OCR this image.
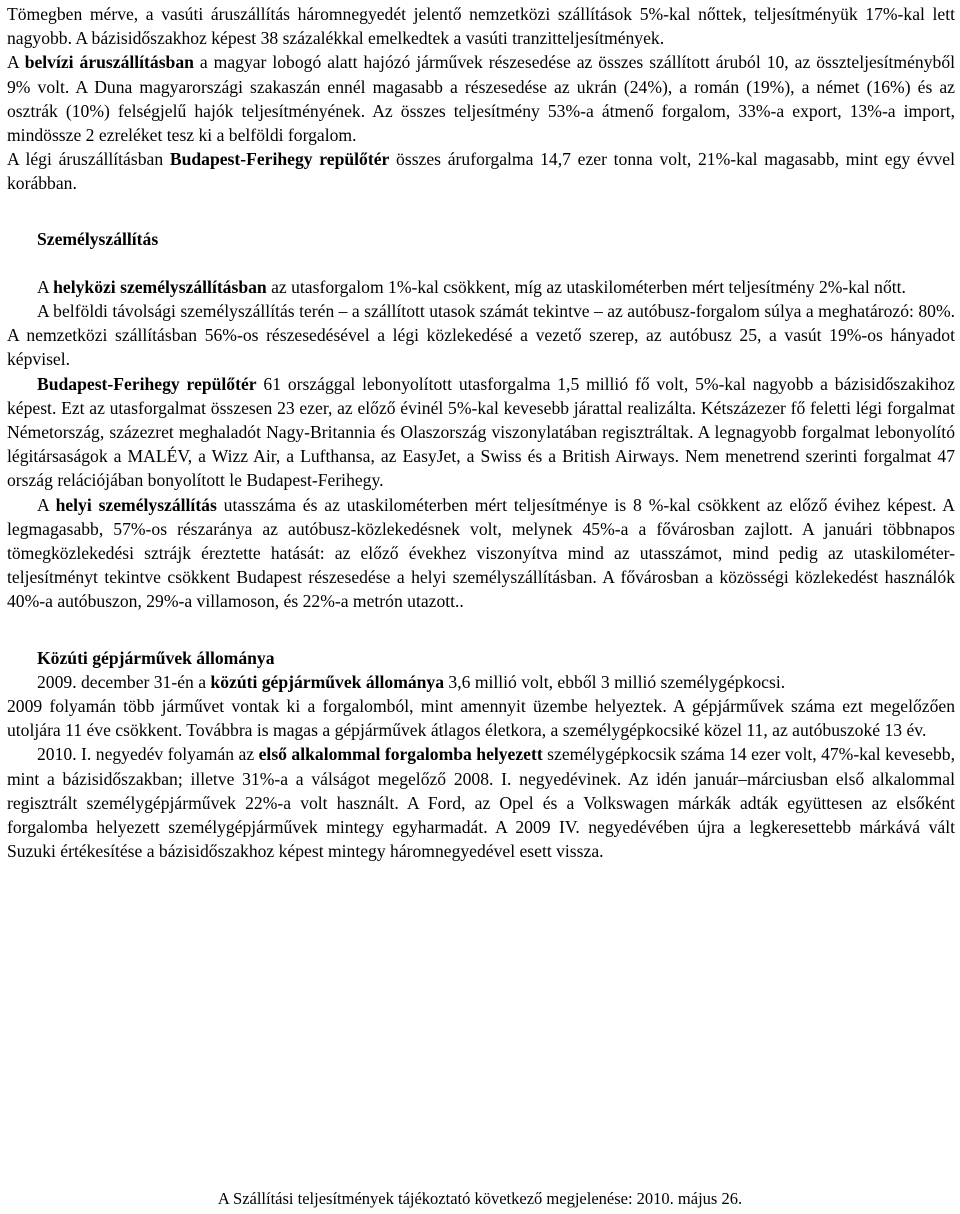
Tömegben mérve, a vasúti áruszállítás háromnegyedét jelentő nemzetközi szállítások 5%-kal nőttek, teljesítményük 17%-kal lett nagyobb. A bázisidőszakhoz képest 38 százalékkal emelkedtek a vasúti tranzitteljesítmények.

A belvízi áruszállításban a magyar lobogó alatt hajózó járművek részesedése az összes szállított áruból 10, az összteljesítményből 9% volt. A Duna magyarországi szakaszán ennél magasabb a részesedése az ukrán (24%), a román (19%), a német (16%) és az osztrák (10%) felségjelű hajók teljesítményének. Az összes teljesítmény 53%-a átmenő forgalom, 33%-a export, 13%-a import, mindössze 2 ezreléket tesz ki a belföldi forgalom.

A légi áruszállításban Budapest-Ferihegy repülőtér összes áruforgalma 14,7 ezer tonna volt, 21%-kal magasabb, mint egy évvel korábban.

Személyszállítás

A helyközi személyszállításban az utasforgalom 1%-kal csökkent, míg az utaskilométerben mért teljesítmény 2%-kal nőtt.

A belföldi távolsági személyszállítás terén – a szállított utasok számát tekintve – az autóbusz-forgalom súlya a meghatározó: 80%. A nemzetközi szállításban 56%-os részesedésével a légi közlekedésé a vezető szerep, az autóbusz 25, a vasút 19%-os hányadot képvisel.

Budapest-Ferihegy repülőtér 61 országgal lebonyolított utasforgalma 1,5 millió fő volt, 5%-kal nagyobb a bázisidőszakihoz képest. Ezt az utasforgalmat összesen 23 ezer, az előző évinél 5%-kal kevesebb járattal realizálta. Kétszázezer fő feletti légi forgalmat Németország, százezret meghaladót Nagy-Britannia és Olaszország viszonylatában regisztráltak. A legnagyobb forgalmat lebonyolító légitársaságok a MALÉV, a Wizz Air, a Lufthansa, az EasyJet, a Swiss és a British Airways. Nem menetrend szerinti forgalmat 47 ország relációjában bonyolított le Budapest-Ferihegy.

A helyi személyszállítás utasszáma és az utaskilométerben mért teljesítménye is 8 %-kal csökkent az előző évihez képest. A legmagasabb, 57%-os részaránya az autóbusz-közlekedésnek volt, melynek 45%-a a fővárosban zajlott. A januári többnapos tömegközlekedési sztrájk éreztette hatását: az előző évekhez viszonyítva mind az utasszámot, mind pedig az utaskilométer-teljesítményt tekintve csökkent Budapest részesedése a helyi személyszállításban. A fővárosban a közösségi közlekedést használók 40%-a autóbuszon, 29%-a villamoson, és 22%-a metrón utazott..

Közúti gépjárművek állománya

2009. december 31-én a közúti gépjárművek állománya 3,6 millió volt, ebből 3 millió személygépkocsi.

2009 folyamán több járművet vontak ki a forgalomból, mint amennyit üzembe helyeztek. A gépjárművek száma ezt megelőzően utoljára 11 éve csökkent. Továbbra is magas a gépjárművek átlagos életkora, a személygépkocsiké közel 11, az autóbuszoké 13 év.

2010. I. negyedév folyamán az első alkalommal forgalomba helyezett személygépkocsik száma 14 ezer volt, 47%-kal kevesebb, mint a bázisidőszakban; illetve 31%-a a válságot megelőző 2008. I. negyedévinek. Az idén január–márciusban első alkalommal regisztrált személygépjárművek 22%-a volt használt. A Ford, az Opel és a Volkswagen márkák adták együttesen az elsőként forgalomba helyezett személygépjárművek mintegy egyharmadát. A 2009 IV. negyedévében újra a legkeresettebb márkává vált Suzuki értékesítése a bázisidőszakhoz képest mintegy háromnegyedével esett vissza.

A Szállítási teljesítmények tájékoztató következő megjelenése: 2010. május 26.
